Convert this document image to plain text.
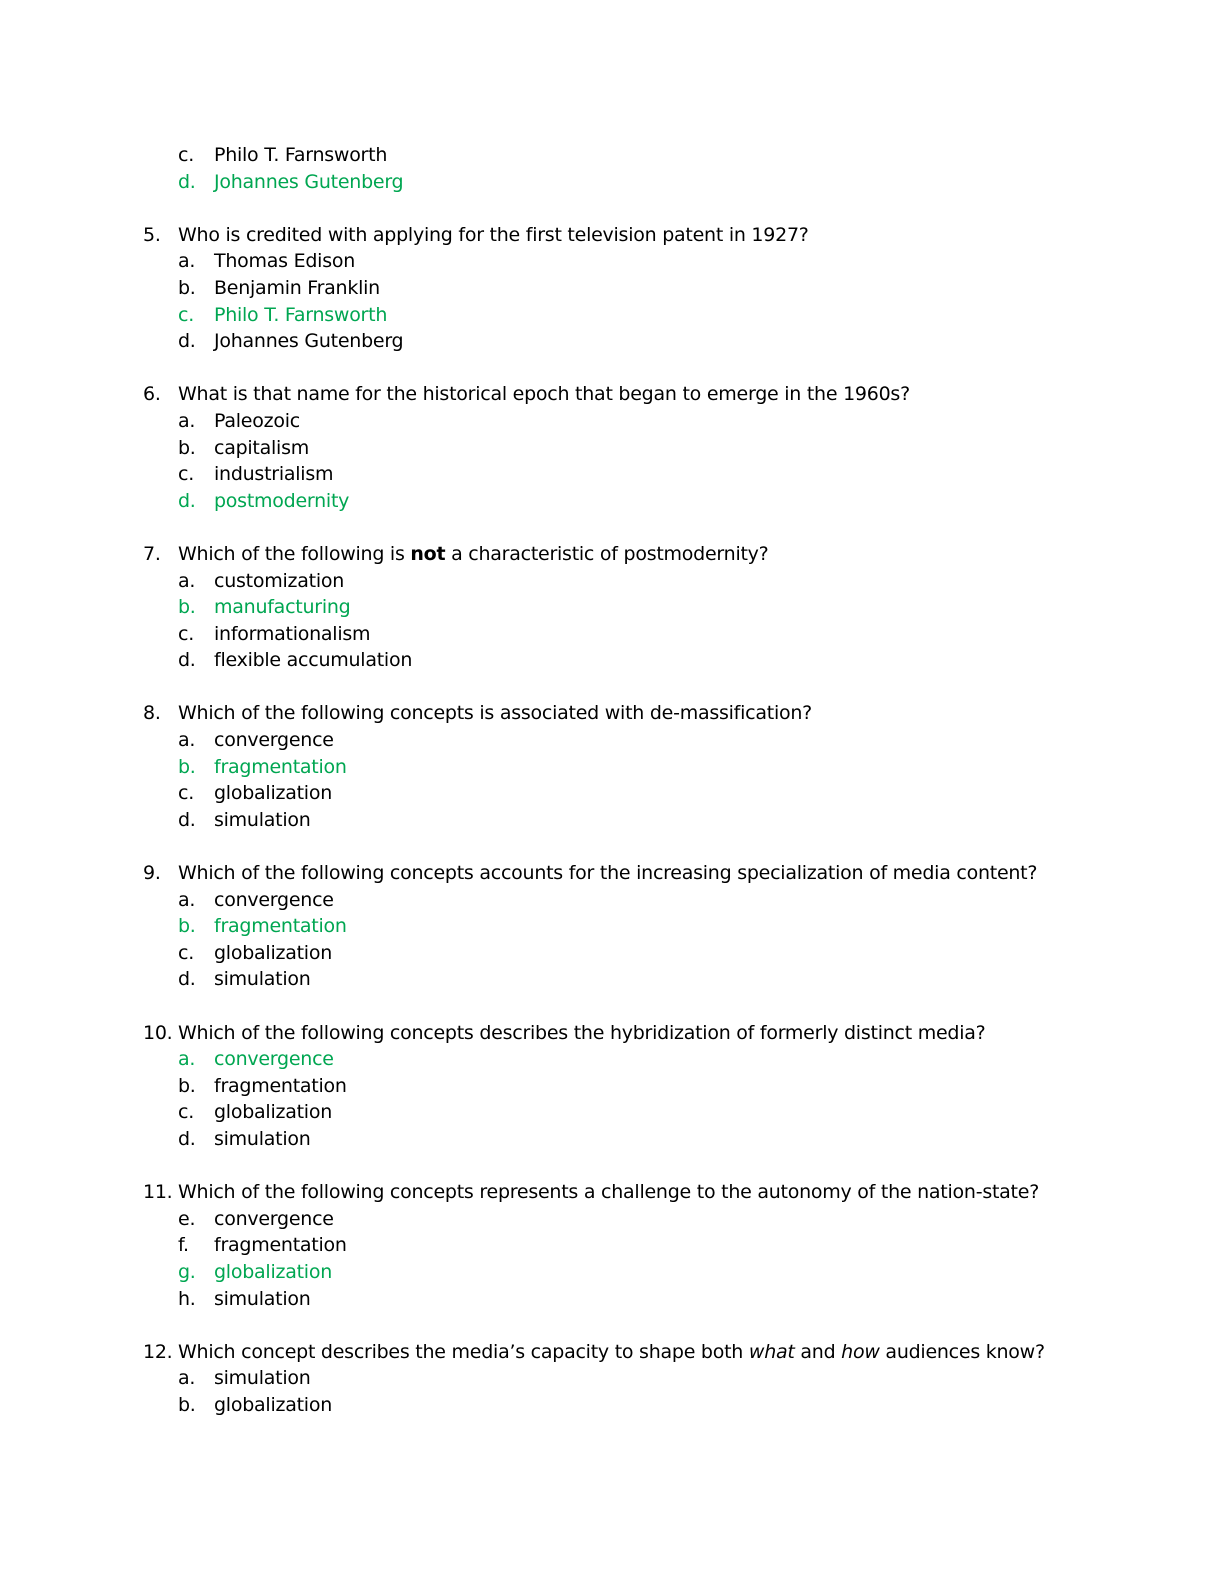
c. Philo T. Farnsworth
d. Johannes Gutenberg
5. Who is credited with applying for the first television patent in 1927?
a. Thomas Edison
b. Benjamin Franklin
c. Philo T. Farnsworth
d. Johannes Gutenberg
6. What is that name for the historical epoch that began to emerge in the 1960s?
a. Paleozoic
b. capitalism
c. industrialism
d. postmodernity
7. Which of the following is not a characteristic of postmodernity?
a. customization
b. manufacturing
c. informationalism
d. flexible accumulation
8. Which of the following concepts is associated with de-massification?
a. convergence
b. fragmentation
c. globalization
d. simulation
9. Which of the following concepts accounts for the increasing specialization of media content?
a. convergence
b. fragmentation
c. globalization
d. simulation
10. Which of the following concepts describes the hybridization of formerly distinct media?
a. convergence
b. fragmentation
c. globalization
d. simulation
11. Which of the following concepts represents a challenge to the autonomy of the nation-state?
e. convergence
f. fragmentation
g. globalization
h. simulation
12. Which concept describes the media’s capacity to shape both what and how audiences know?
a. simulation
b. globalization
